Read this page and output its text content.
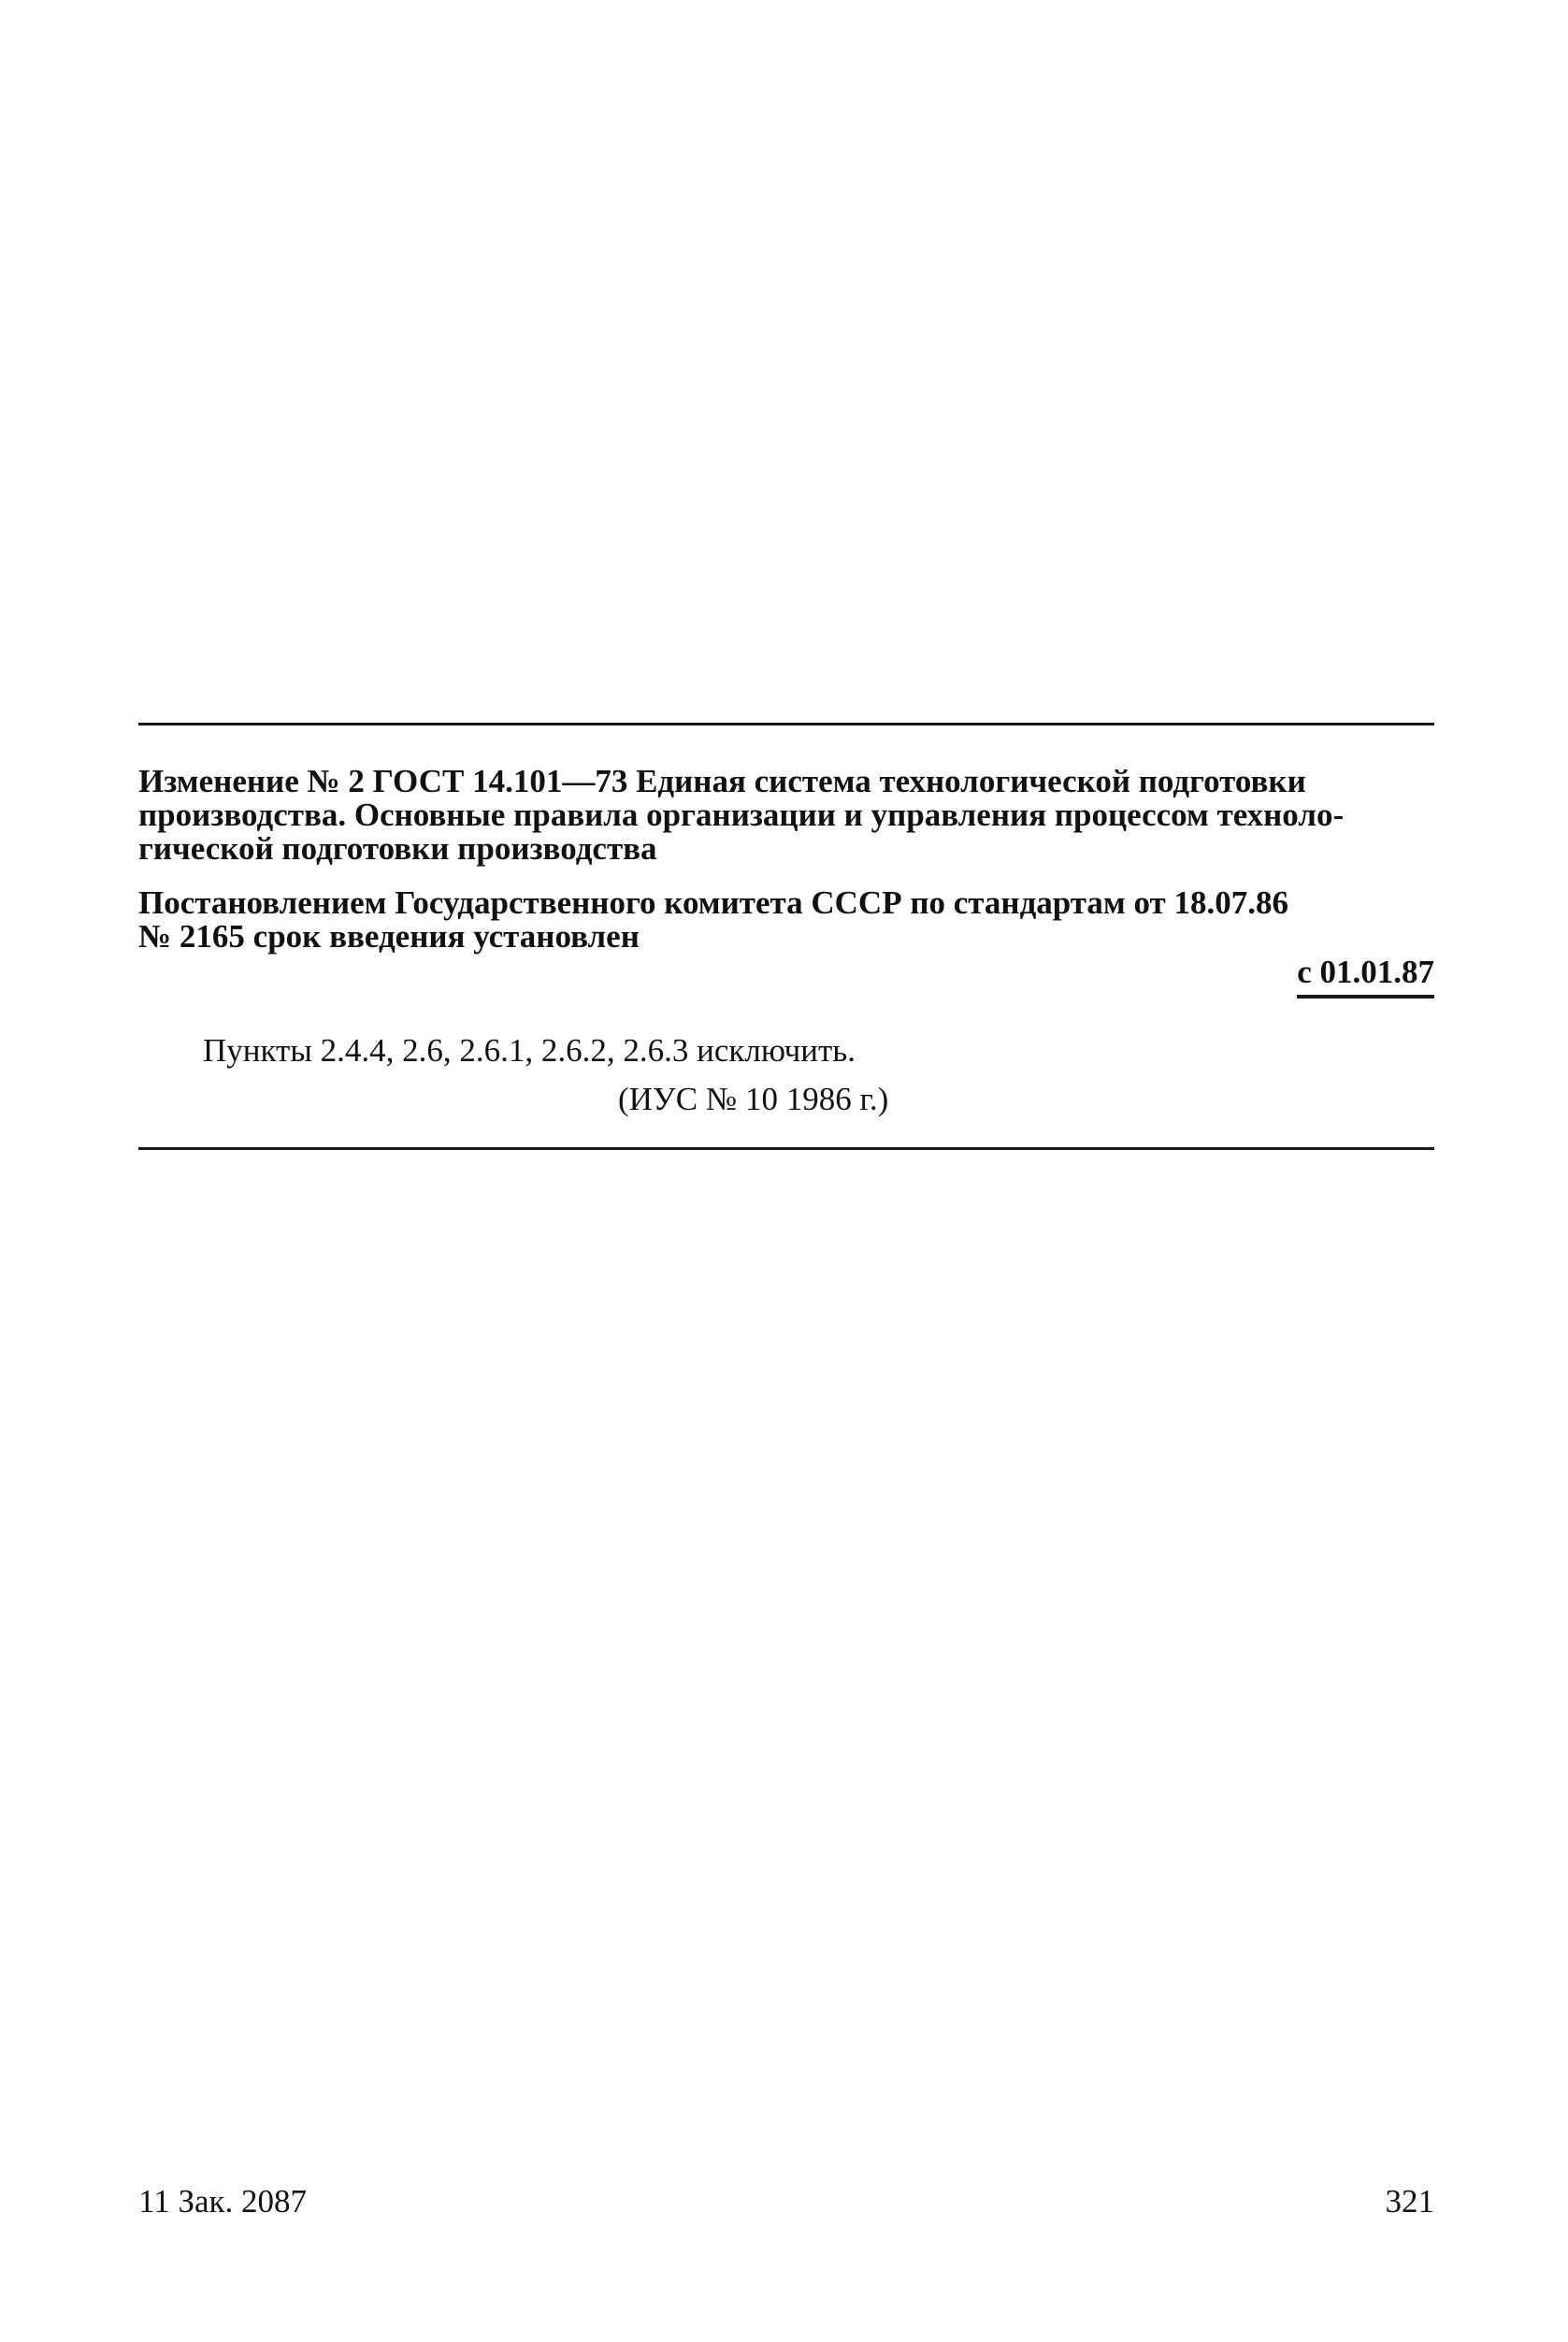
Изменение № 2 ГОСТ 14.101—73 Единая система технологической подготовки

производства. Основные правила организации и управления процессом техноло-

гической подготовки производства

Постановлением Государственного комитета СССР по стандартам от 18.07.86

№ 2165 срок введения установлен

с 01.01.87
Пункты 2.4.4, 2.6, 2.6.1, 2.6.2, 2.6.3 исключить.
(ИУС № 10 1986 г.)
11 Зак. 2087	321
